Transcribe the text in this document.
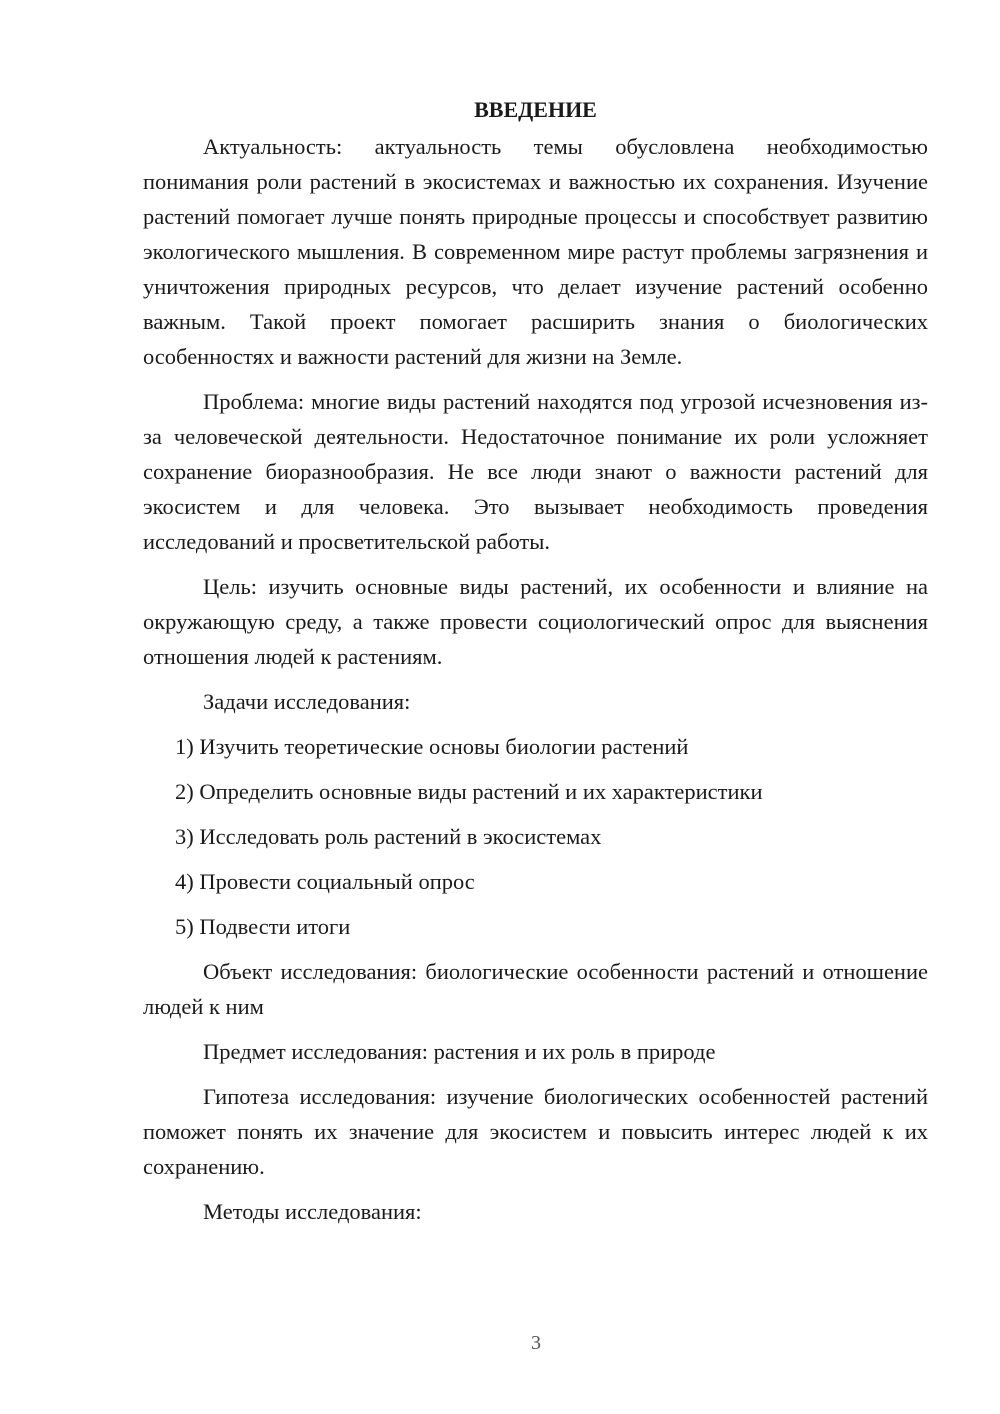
ВВЕДЕНИЕ

Актуальность: актуальность темы обусловлена необходимостью понимания роли растений в экосистемах и важностью их сохранения. Изучение растений помогает лучше понять природные процессы и способствует развитию экологического мышления. В современном мире растут проблемы загрязнения и уничтожения природных ресурсов, что делает изучение растений особенно важным. Такой проект помогает расширить знания о биологических особенностях и важности растений для жизни на Земле.

Проблема: многие виды растений находятся под угрозой исчезновения из-за человеческой деятельности. Недостаточное понимание их роли усложняет сохранение биоразнообразия. Не все люди знают о важности растений для экосистем и для человека. Это вызывает необходимость проведения исследований и просветительской работы.

Цель: изучить основные виды растений, их особенности и влияние на окружающую среду, а также провести социологический опрос для выяснения отношения людей к растениям.

Задачи исследования:

1) Изучить теоретические основы биологии растений
2) Определить основные виды растений и их характеристики
3) Исследовать роль растений в экосистемах
4) Провести социальный опрос
5) Подвести итоги

Объект исследования: биологические особенности растений и отношение людей к ним

Предмет исследования: растения и их роль в природе

Гипотеза исследования: изучение биологических особенностей растений поможет понять их значение для экосистем и повысить интерес людей к их сохранению.

Методы исследования:

3
